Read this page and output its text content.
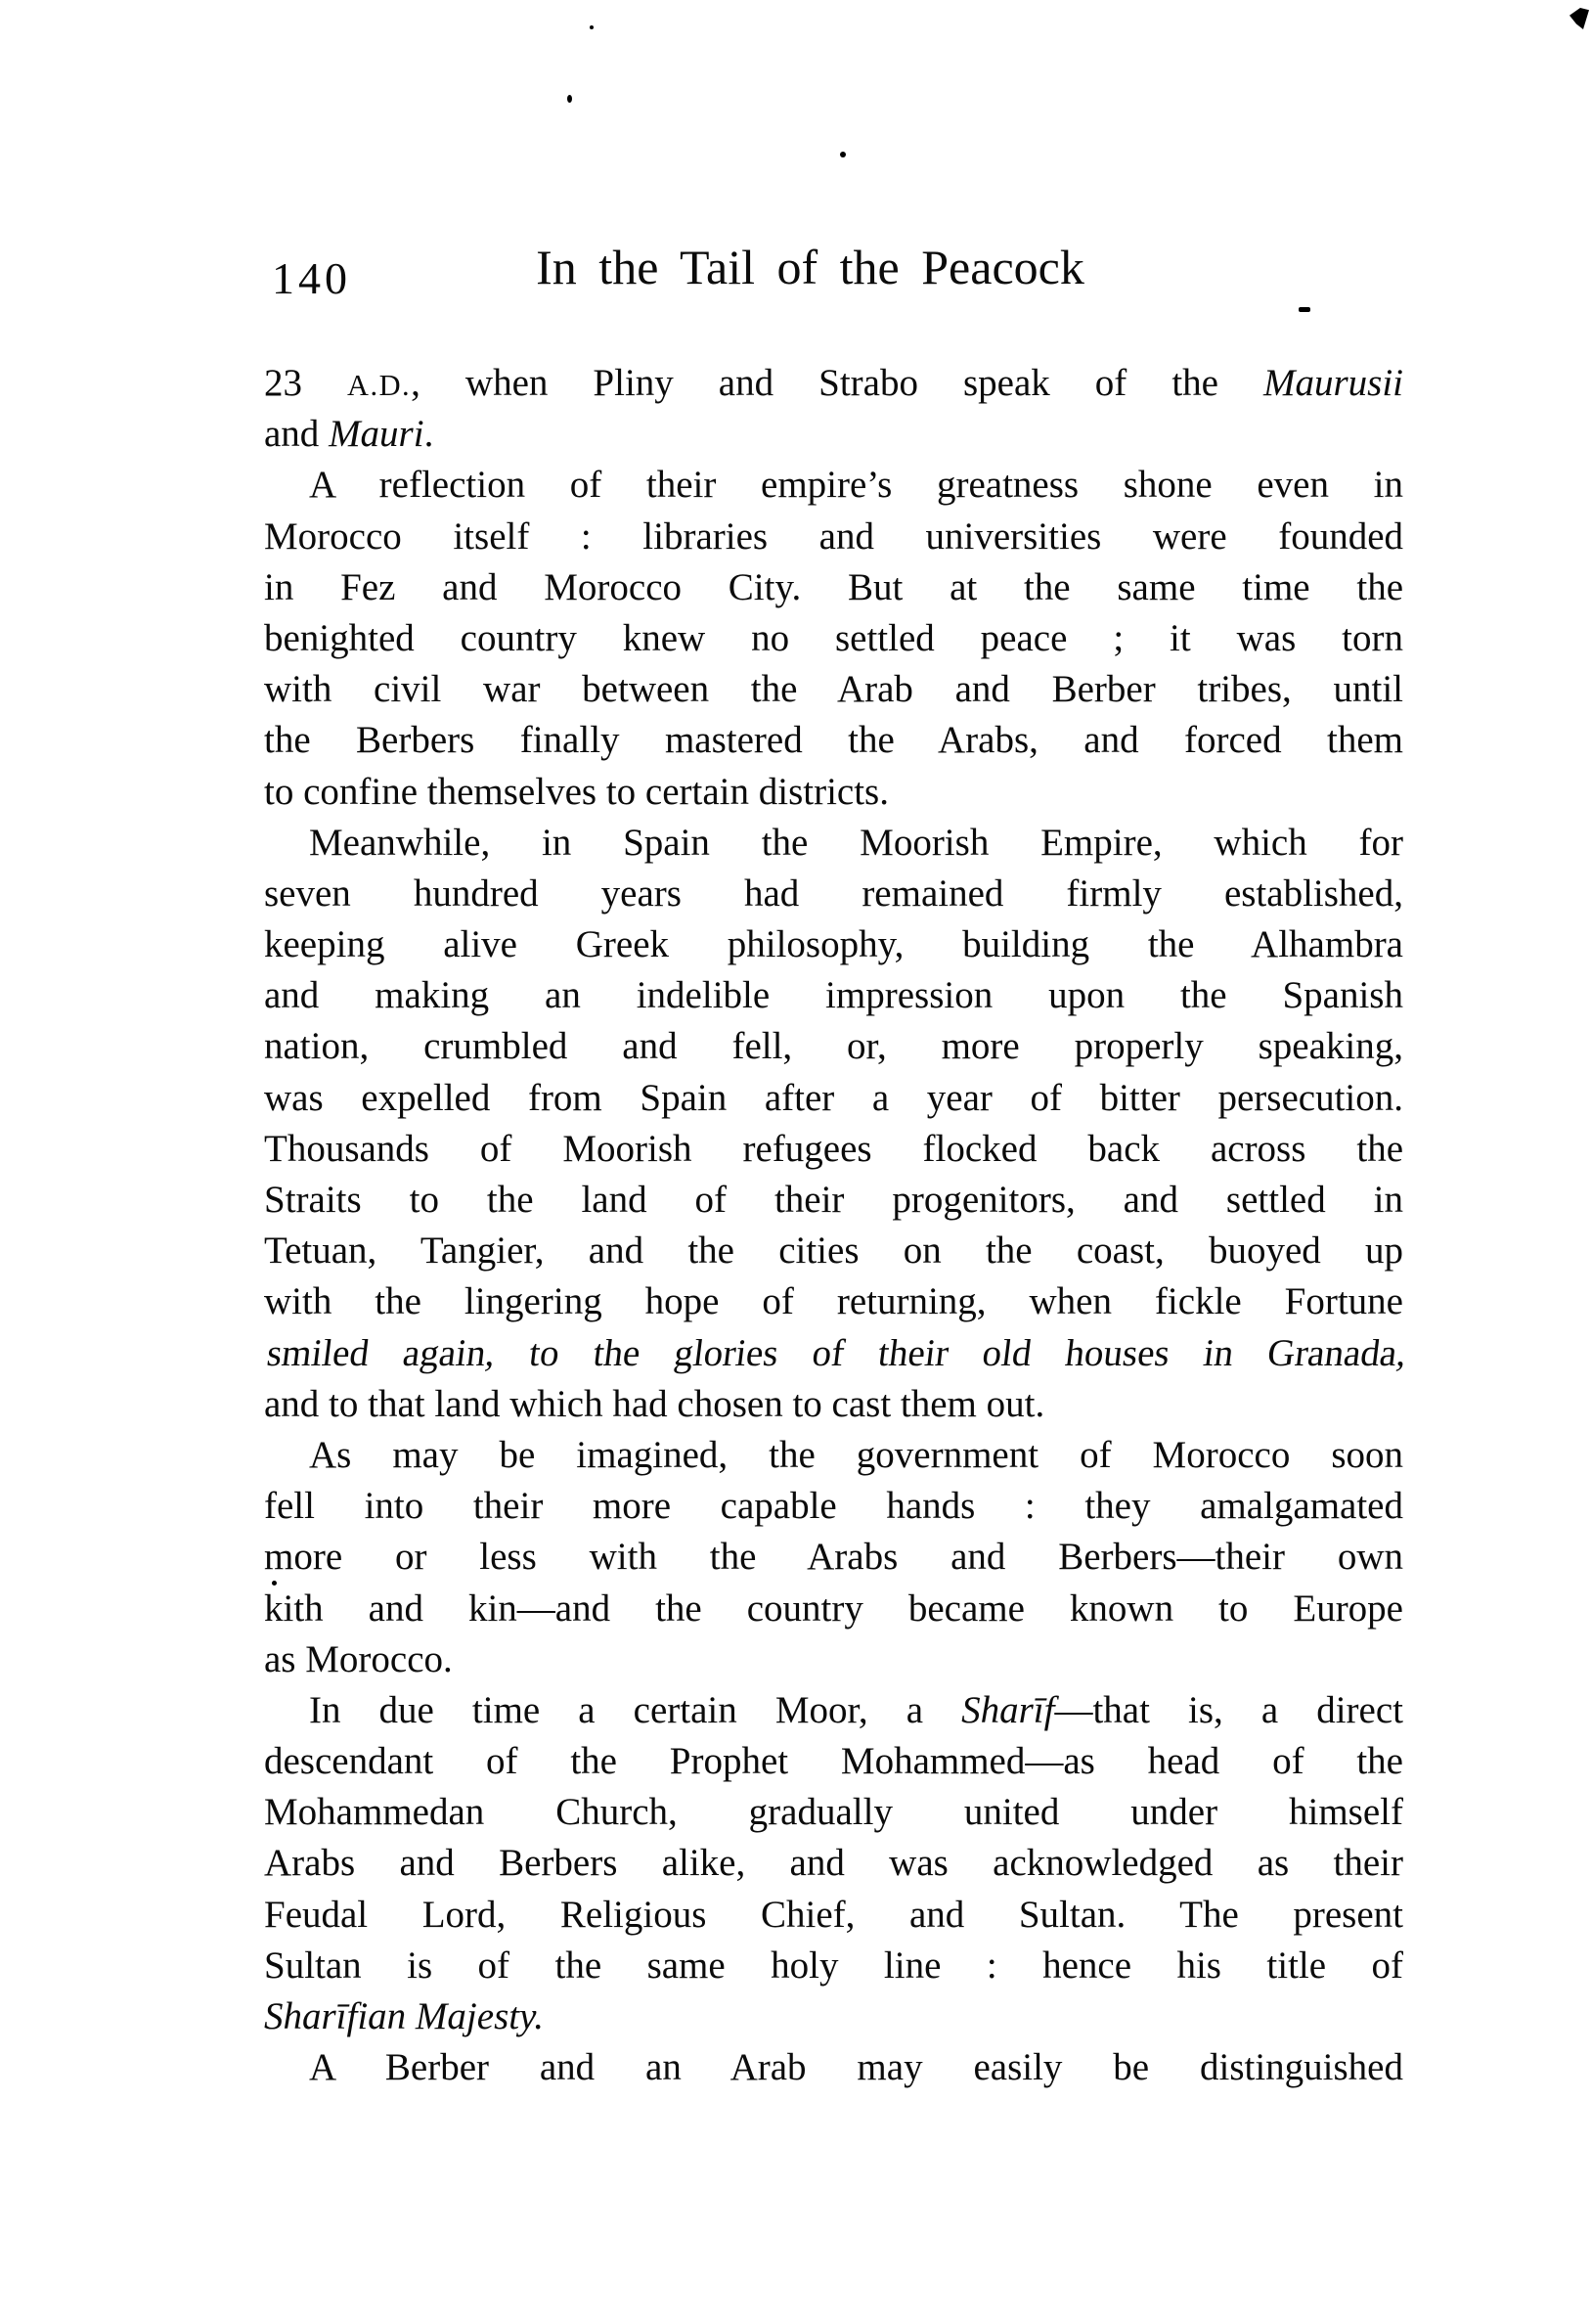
140	In the Tail of the Peacock
23 A.D., when Pliny and Strabo speak of the Maurusii
and Mauri.
A reflection of their empire’s greatness shone even in
Morocco itself : libraries and universities were founded
in Fez and Morocco City. But at the same time the
benighted country knew no settled peace ; it was torn
with civil war between the Arab and Berber tribes, until
the Berbers finally mastered the Arabs, and forced them
to confine themselves to certain districts.
Meanwhile, in Spain the Moorish Empire, which for
seven hundred years had remained firmly established,
keeping alive Greek philosophy, building the Alhambra
and making an indelible impression upon the Spanish
nation, crumbled and fell, or, more properly speaking,
was expelled from Spain after a year of bitter persecution.
Thousands of Moorish refugees flocked back across the
Straits to the land of their progenitors, and settled in
Tetuan, Tangier, and the cities on the coast, buoyed up
with the lingering hope of returning, when fickle Fortune
smiled again, to the glories of their old houses in Granada,
and to that land which had chosen to cast them out.
As may be imagined, the government of Morocco soon
fell into their more capable hands : they amalgamated
more or less with the Arabs and Berbers—their own
kith and kin—and the country became known to Europe
as Morocco.
In due time a certain Moor, a Sharīf—that is, a direct
descendant of the Prophet Mohammed—as head of the
Mohammedan Church, gradually united under himself
Arabs and Berbers alike, and was acknowledged as their
Feudal Lord, Religious Chief, and Sultan. The present
Sultan is of the same holy line : hence his title of
Sharīfian Majesty.
A Berber and an Arab may easily be distinguished
